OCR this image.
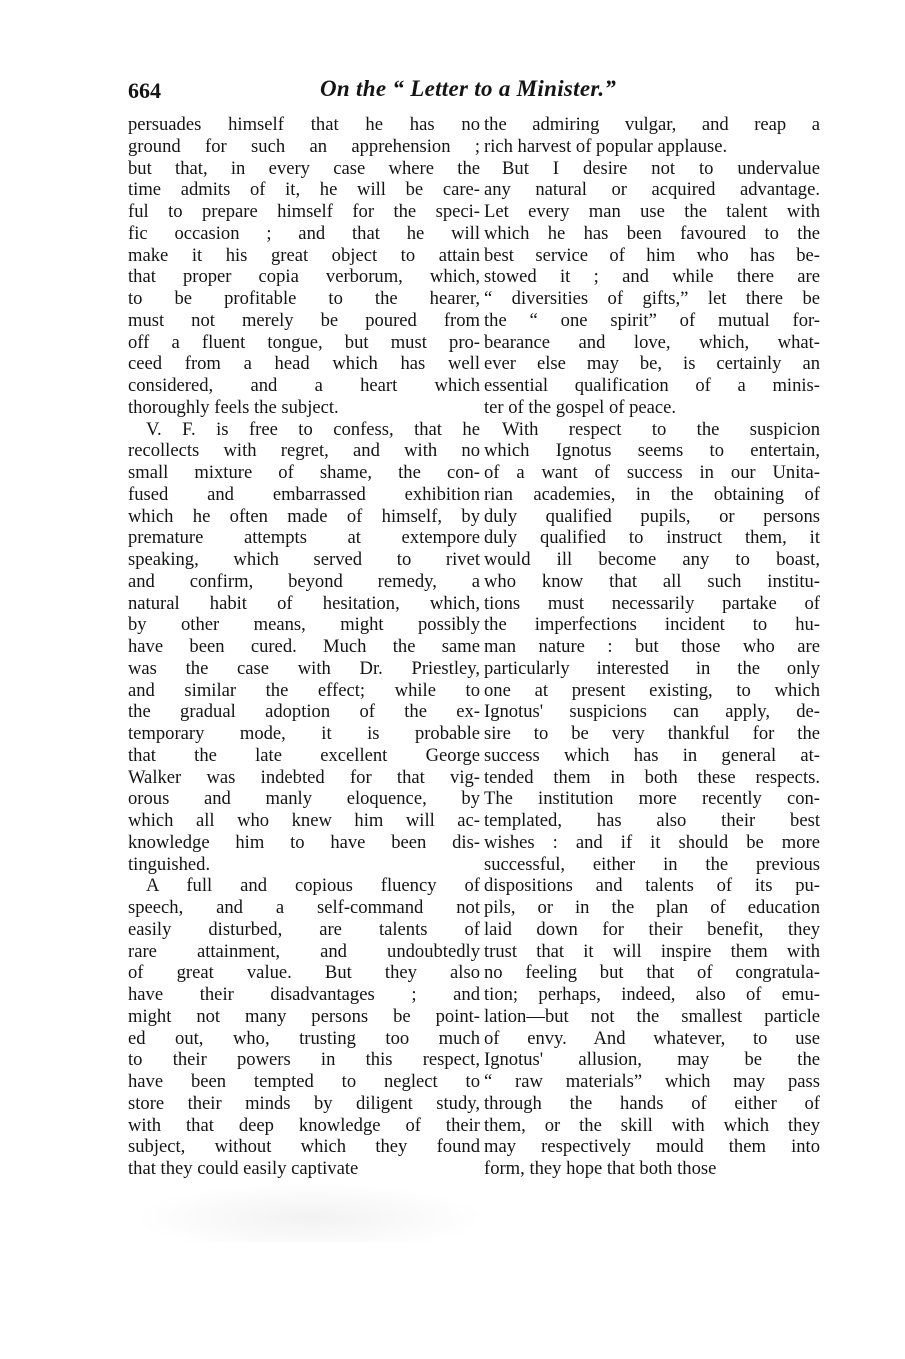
664	On the “ Letter to a Minister.”
persuades himself that he has no
ground for such an apprehension ;
but that, in every case where the
time admits of it, he will be care-
ful to prepare himself for the speci-
fic occasion ; and that he will
make it his great object to attain
that proper copia verborum, which,
to be profitable to the hearer,
must not merely be poured from
off a fluent tongue, but must pro-
ceed from a head which has well
considered, and a heart which
thoroughly feels the subject.
V. F. is free to confess, that he
recollects with regret, and with no
small mixture of shame, the con-
fused and embarrassed exhibition
which he often made of himself, by
premature attempts at extempore
speaking, which served to rivet
and confirm, beyond remedy, a
natural habit of hesitation, which,
by other means, might possibly
have been cured. Much the same
was the case with Dr. Priestley,
and similar the effect; while to
the gradual adoption of the ex-
temporary mode, it is probable
that the late excellent George
Walker was indebted for that vig-
orous and manly eloquence, by
which all who knew him will ac-
knowledge him to have been dis-
tinguished.
A full and copious fluency of
speech, and a self-command not
easily disturbed, are talents of
rare attainment, and undoubtedly
of great value. But they also
have their disadvantages ; and
might not many persons be point-
ed out, who, trusting too much
to their powers in this respect,
have been tempted to neglect to
store their minds by diligent study,
with that deep knowledge of their
subject, without which they found
that they could easily captivate
the admiring vulgar, and reap a
rich harvest of popular applause.
But I desire not to undervalue
any natural or acquired advantage.
Let every man use the talent with
which he has been favoured to the
best service of him who has be-
stowed it ; and while there are
“ diversities of gifts,” let there be
the “ one spirit” of mutual for-
bearance and love, which, what-
ever else may be, is certainly an
essential qualification of a minis-
ter of the gospel of peace.
With respect to the suspicion
which Ignotus seems to entertain,
of a want of success in our Unita-
rian academies, in the obtaining of
duly qualified pupils, or persons
duly qualified to instruct them, it
would ill become any to boast,
who know that all such institu-
tions must necessarily partake of
the imperfections incident to hu-
man nature : but those who are
particularly interested in the only
one at present existing, to which
Ignotus' suspicions can apply, de-
sire to be very thankful for the
success which has in general at-
tended them in both these respects.
The institution more recently con-
templated, has also their best
wishes : and if it should be more
successful, either in the previous
dispositions and talents of its pu-
pils, or in the plan of education
laid down for their benefit, they
trust that it will inspire them with
no feeling but that of congratula-
tion; perhaps, indeed, also of emu-
lation—but not the smallest particle
of envy. And whatever, to use
Ignotus' allusion, may be the
“ raw materials” which may pass
through the hands of either of
them, or the skill with which they
may respectively mould them into
form, they hope that both those
